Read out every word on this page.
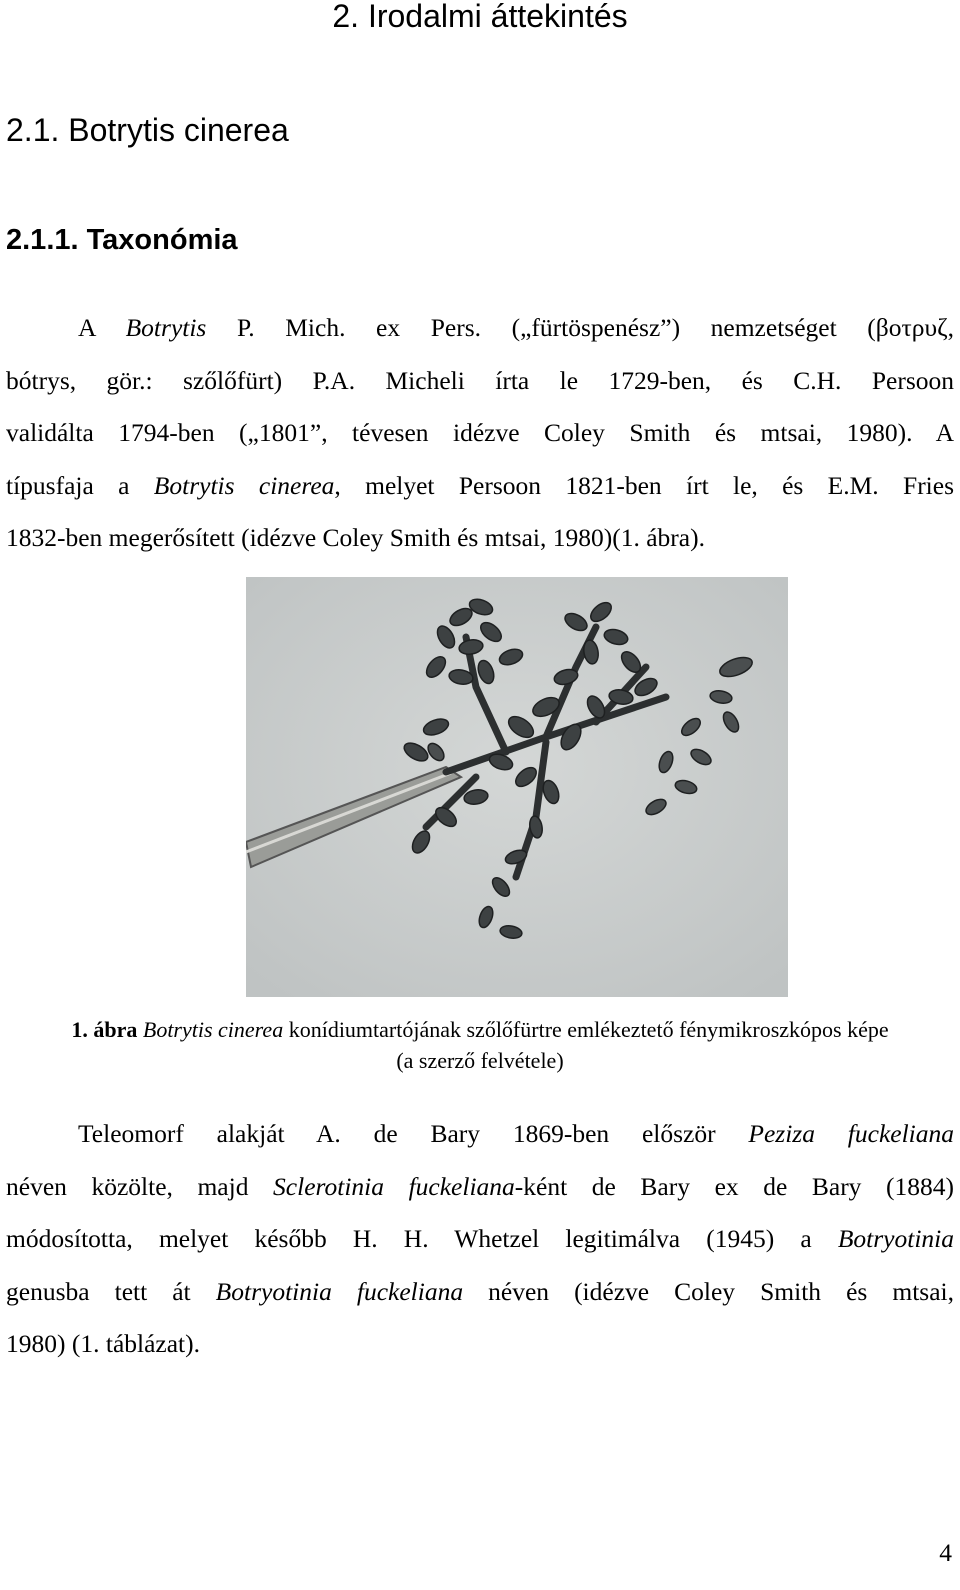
2. Irodalmi áttekintés
2.1. Botrytis cinerea
2.1.1. Taxonómia

A Botrytis P. Mich. ex Pers. („fürtöspenész”) nemzetséget (βοτρυζ,
bótrys, gör.: szőlőfürt) P.A. Micheli írta le 1729-ben, és C.H. Persoon
validálta 1794-ben („1801”, tévesen idézve Coley Smith és mtsai, 1980). A
típusfaja a Botrytis cinerea, melyet Persoon 1821-ben írt le, és E.M. Fries
1832-ben megerősített (idézve Coley Smith és mtsai, 1980)(1. ábra).

1. ábra Botrytis cinerea konídiumtartójának szőlőfürtre emlékeztető fénymikroszkópos képe
(a szerző felvétele)

Teleomorf alakját A. de Bary 1869-ben először Peziza fuckeliana
néven közölte, majd Sclerotinia fuckeliana-ként de Bary ex de Bary (1884)
módosította, melyet később H. H. Whetzel legitimálva (1945) a Botryotinia
genusba tett át Botryotinia fuckeliana néven (idézve Coley Smith és mtsai,
1980) (1. táblázat).

4
